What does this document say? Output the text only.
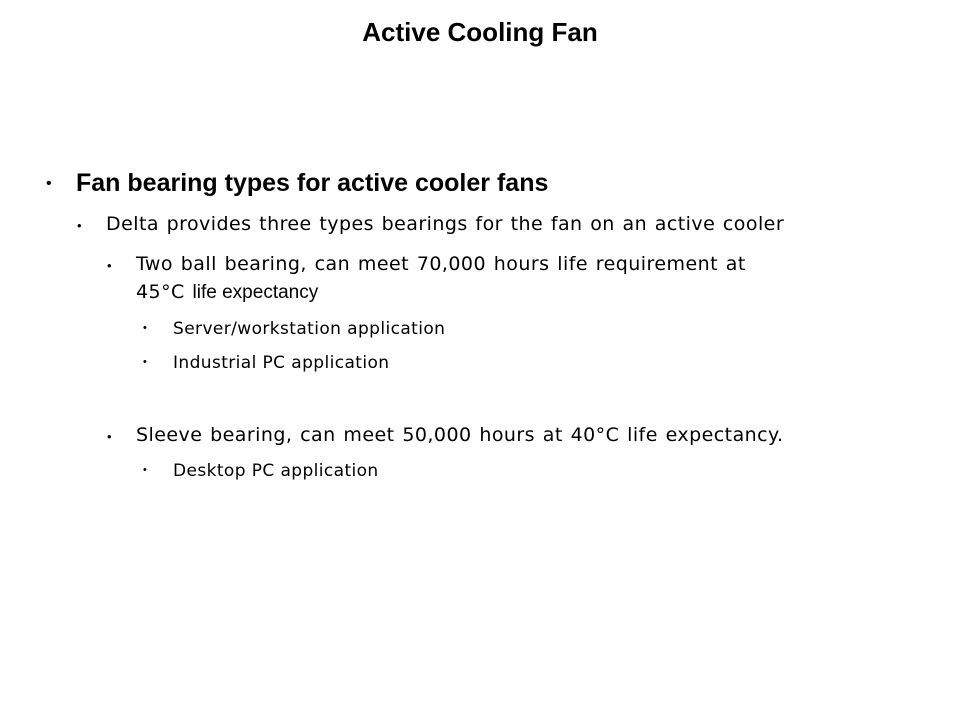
Active Cooling Fan
• Fan bearing types for active cooler fans
• Delta provides three types bearings for the fan on an active cooler
• Two ball bearing, can meet 70,000 hours life requirement at
45°C life expectancy
• Server/workstation application
• Industrial PC application
• Sleeve bearing, can meet 50,000 hours at 40°C life expectancy.
• Desktop PC application
